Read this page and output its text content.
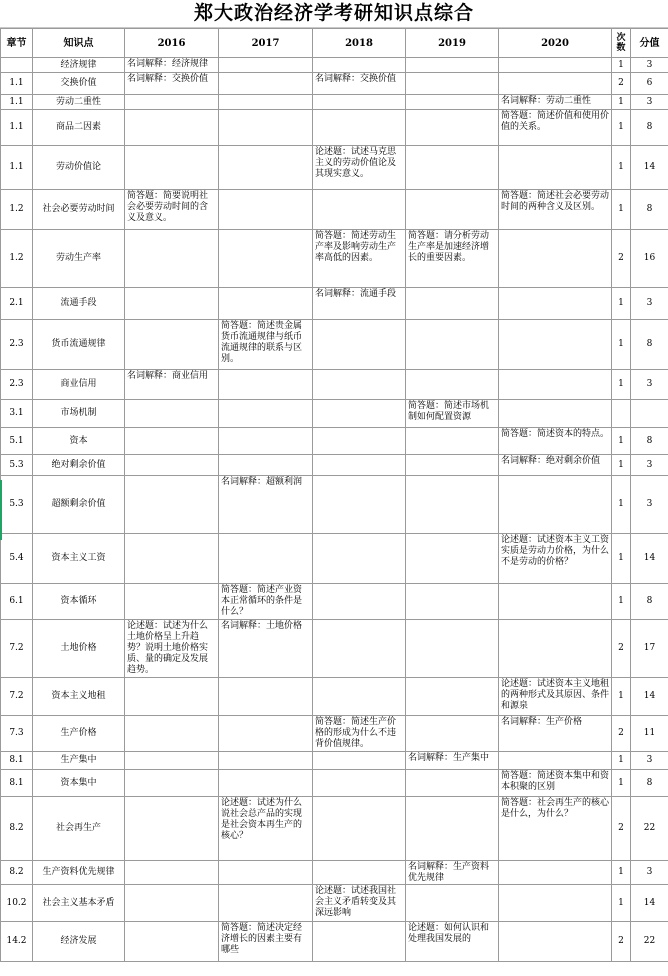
郑大政治经济学考研知识点综合
章节	知识点	2016	2017	2018	2019	2020	次数	分值
	经济规律	名词解释：经济规律					1	3
1.1	交换价值	名词解释：交换价值		名词解释：交换价值			2	6
1.1	劳动二重性					名词解释：劳动二重性	1	3
1.1	商品二因素					简答题：简述价值和使用价值的关系。	1	8
1.1	劳动价值论			论述题：试述马克思主义的劳动价值论及其现实意义。			1	14
1.2	社会必要劳动时间	简答题：简要说明社会必要劳动时间的含义及意义。				简答题：简述社会必要劳动时间的两种含义及区别。	1	8
1.2	劳动生产率			简答题：简述劳动生产率及影响劳动生产率高低的因素。	简答题：请分析劳动生产率是加速经济增长的重要因素。		2	16
2.1	流通手段			名词解释：流通手段			1	3
2.3	货币流通规律		简答题：简述贵金属货币流通规律与纸币流通规律的联系与区别。				1	8
2.3	商业信用	名词解释：商业信用					1	3
3.1	市场机制				简答题：简述市场机制如何配置资源			
5.1	资本					简答题：简述资本的特点。	1	8
5.3	绝对剩余价值					名词解释：绝对剩余价值	1	3
5.3	超额剩余价值		名词解释：超额利润				1	3
5.4	资本主义工资					论述题：试述资本主义工资实质是劳动力价格，为什么不是劳动的价格？	1	14
6.1	资本循环		简答题：简述产业资本正常循环的条件是什么？				1	8
7.2	土地价格	论述题：试述为什么土地价格呈上升趋势？说明土地价格实质、量的确定及发展趋势。	名词解释：土地价格				2	17
7.2	资本主义地租					论述题：试述资本主义地租的两种形式及其原因、条件和源泉	1	14
7.3	生产价格			简答题：简述生产价格的形成为什么不违背价值规律。		名词解释：生产价格	2	11
8.1	生产集中				名词解释：生产集中		1	3
8.1	资本集中					简答题：简述资本集中和资本积聚的区别	1	8
8.2	社会再生产		论述题：试述为什么说社会总产品的实现是社会资本再生产的核心？			简答题：社会再生产的核心是什么，为什么？	2	22
8.2	生产资料优先规律				名词解释：生产资料优先规律		1	3
10.2	社会主义基本矛盾			论述题：试述我国社会主义矛盾转变及其深远影响			1	14
14.2	经济发展		简答题：简述决定经济增长的因素主要有哪些		论述题：如何认识和处理我国发展的		2	22
